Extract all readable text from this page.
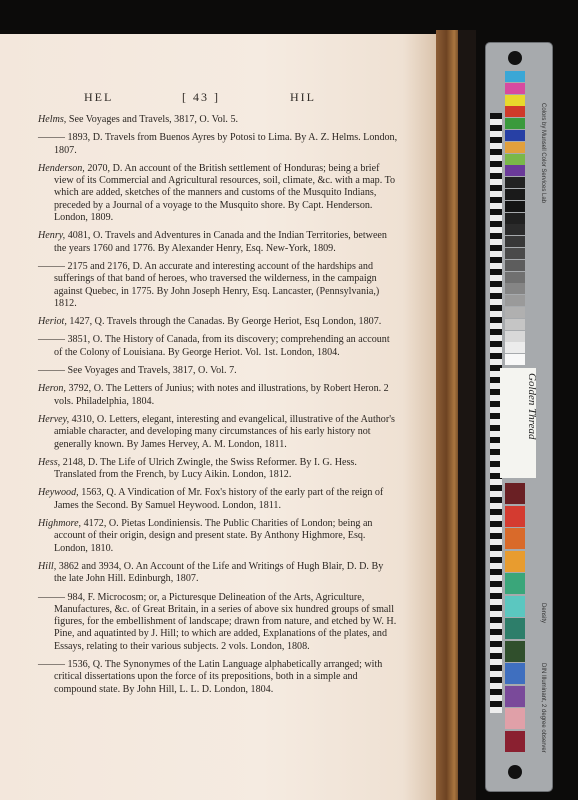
HEL	[ 43 ]	HIL
Helms, See Voyages and Travels, 3817, O. Vol. 5.
——— 1893, D. Travels from Buenos Ayres by Potosi to Lima. By A. Z. Helms. London, 1807.
Henderson, 2070, D. An account of the British settlement of Honduras; being a brief view of its Commercial and Agricultural resources, soil, climate, &c. with a map. To which are added, sketches of the manners and customs of the Musquito Indians, preceded by a Journal of a voyage to the Musquito shore. By Capt. Henderson. London, 1809.
Henry, 4081, O. Travels and Adventures in Canada and the Indian Territories, between the years 1760 and 1776. By Alexander Henry, Esq. New-York, 1809.
——— 2175 and 2176, D. An accurate and interesting account of the hardships and sufferings of that band of heroes, who traversed the wilderness, in the campaign against Quebec, in 1775. By John Joseph Henry, Esq. Lancaster, (Pennsylvania,) 1812.
Heriot, 1427, Q. Travels through the Canadas. By George Heriot, Esq London, 1807.
——— 3851, O. The History of Canada, from its discovery; comprehending an account of the Colony of Louisiana. By George Heriot. Vol. 1st. London, 1804.
——— See Voyages and Travels, 3817, O. Vol. 7.
Heron, 3792, O. The Letters of Junius; with notes and illustrations, by Robert Heron. 2 vols. Philadelphia, 1804.
Hervey, 4310, O. Letters, elegant, interesting and evangelical, illustrative of the Author's amiable character, and developing many circumstances of his early history not generally known. By James Hervey, A. M. London, 1811.
Hess, 2148, D. The Life of Ulrich Zwingle, the Swiss Reformer. By I. G. Hess. Translated from the French, by Lucy Aikin. London, 1812.
Heywood, 1563, Q. A Vindication of Mr. Fox's history of the early part of the reign of James the Second. By Samuel Heywood. London, 1811.
Highmore, 4172, O. Pietas Londiniensis. The Public Charities of London; being an account of their origin, design and present state. By Anthony Highmore, Esq. London, 1810.
Hill, 3862 and 3934, O. An Account of the Life and Writings of Hugh Blair, D. D. By the late John Hill. Edinburgh, 1807.
——— 984, F. Microcosm; or, a Picturesque Delineation of the Arts, Agriculture, Manufactures, &c. of Great Britain, in a series of above six hundred groups of small figures, for the embellishment of landscape; drawn from nature, and etched by W. H. Pine, and aquatinted by J. Hill; to which are added, Explanations of the plates, and Essays, relating to their various subjects. 2 vols. London, 1808.
——— 1536, Q. The Synonymes of the Latin Language alphabetically arranged; with critical dissertations upon the force of its prepositions, both in a simple and compound state. By John Hill, L. L. D. London, 1804.
Colors by Munsell Color Services Lab
Density
DIN Illuminant, 2 degree observer
Golden Thread
